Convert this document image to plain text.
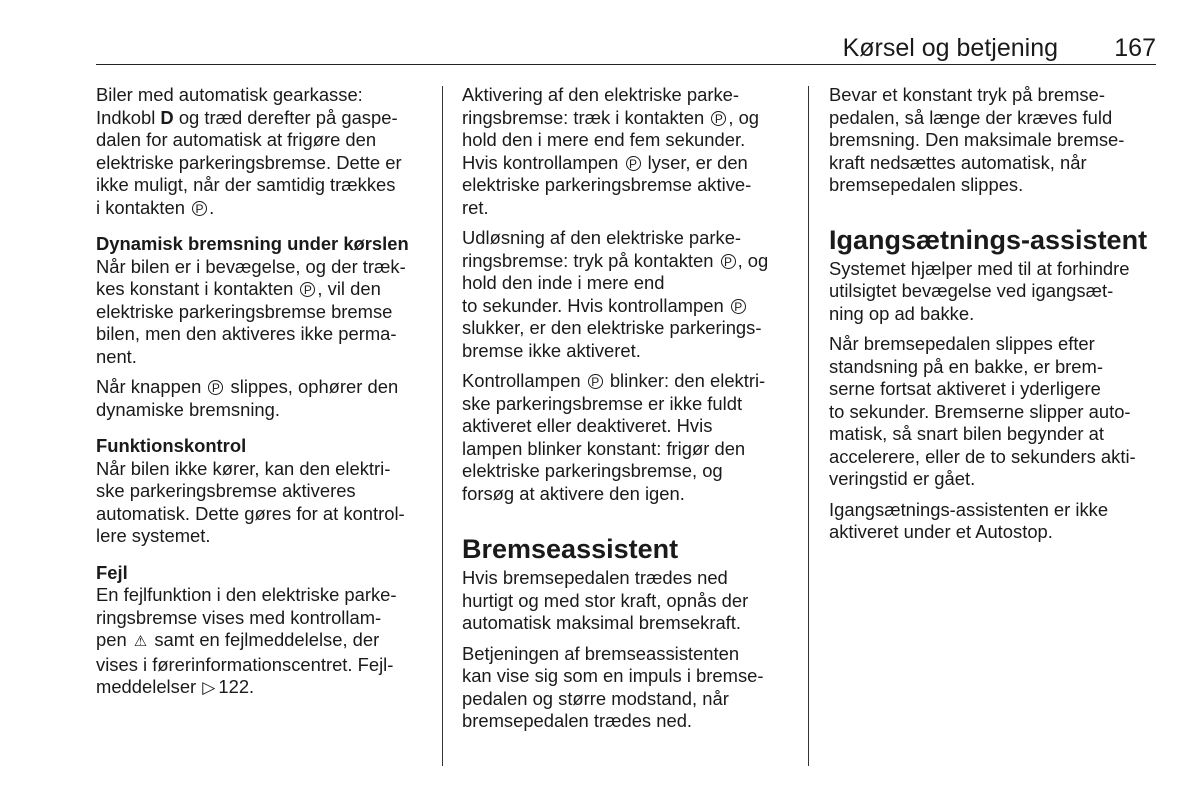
Kørsel og betjening 167
Biler med automatisk gearkasse:
Indkobl D og træd derefter på gaspe-
dalen for automatisk at frigøre den
elektriske parkeringsbremse. Dette er
ikke muligt, når der samtidig trækkes
i kontakten P .
Dynamisk bremsning under kørslen
Når bilen er i bevægelse, og der træk-
kes konstant i kontakten P , vil den
elektriske parkeringsbremse bremse
bilen, men den aktiveres ikke perma-
nent.
Når knappen P slippes, ophører den
dynamiske bremsning.
Funktionskontrol
Når bilen ikke kører, kan den elektri-
ske parkeringsbremse aktiveres
automatisk. Dette gøres for at kontrol-
lere systemet.
Fejl
En fejlfunktion i den elektriske parke-
ringsbremse vises med kontrollam-
pen ⚠ samt en fejlmeddelelse, der
vises i førerinformationscentret. Fejl-
meddelelser ▷ 122.
Aktivering af den elektriske parke-
ringsbremse: træk i kontakten P , og
hold den i mere end fem sekunder.
Hvis kontrollampen P lyser, er den
elektriske parkeringsbremse aktive-
ret.
Udløsning af den elektriske parke-
ringsbremse: tryk på kontakten P , og
hold den inde i mere end
to sekunder. Hvis kontrollampen P
slukker, er den elektriske parkerings-
bremse ikke aktiveret.
Kontrollampen P blinker: den elektri-
ske parkeringsbremse er ikke fuldt
aktiveret eller deaktiveret. Hvis
lampen blinker konstant: frigør den
elektriske parkeringsbremse, og
forsøg at aktivere den igen.
Bremseassistent
Hvis bremsepedalen trædes ned
hurtigt og med stor kraft, opnås der
automatisk maksimal bremsekraft.
Betjeningen af bremseassistenten
kan vise sig som en impuls i bremse-
pedalen og større modstand, når
bremsepedalen trædes ned.
Bevar et konstant tryk på bremse-
pedalen, så længe der kræves fuld
bremsning. Den maksimale bremse-
kraft nedsættes automatisk, når
bremsepedalen slippes.
Igangsætnings-assistent
Systemet hjælper med til at forhindre
utilsigtet bevægelse ved igangsæt-
ning op ad bakke.
Når bremsepedalen slippes efter
standsning på en bakke, er brem-
serne fortsat aktiveret i yderligere
to sekunder. Bremserne slipper auto-
matisk, så snart bilen begynder at
accelerere, eller de to sekunders akti-
veringstid er gået.
Igangsætnings-assistenten er ikke
aktiveret under et Autostop.
